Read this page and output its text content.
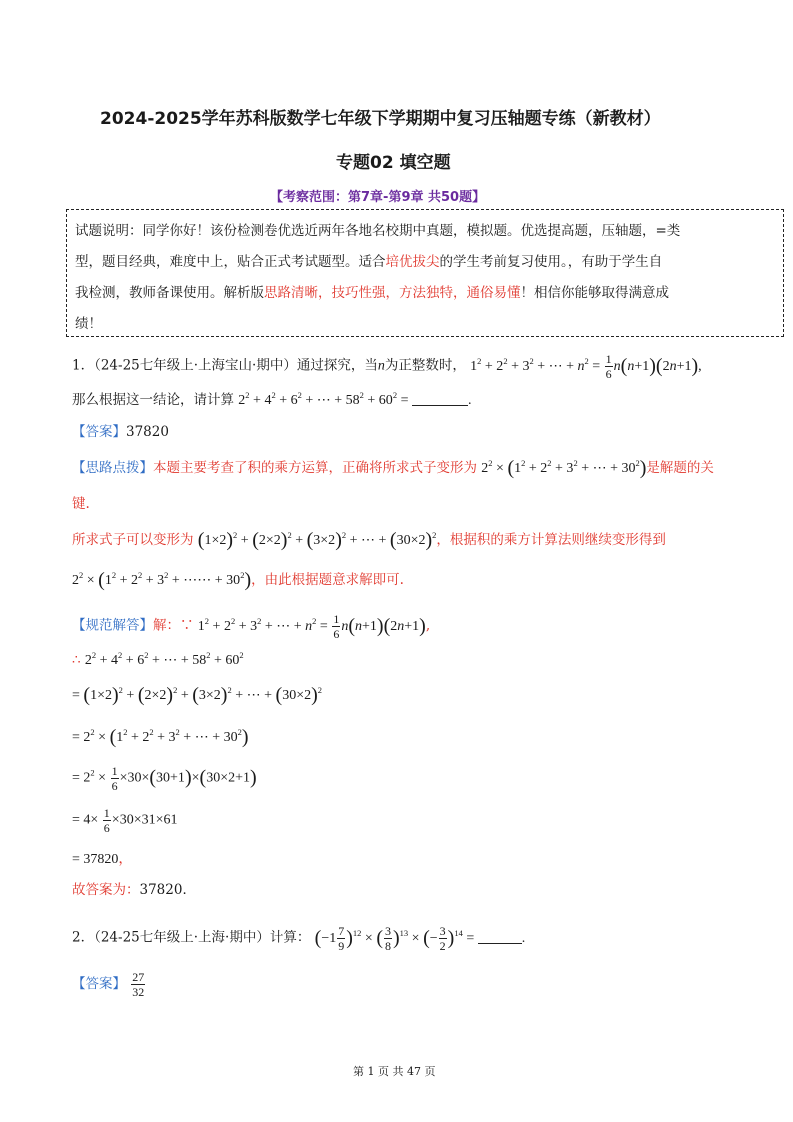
2024-2025学年苏科版数学七年级下学期期中复习压轴题专练（新教材）
专题02 填空题
【考察范围：第7章-第9章 共50题】
试题说明：同学你好！该份检测卷优选近两年各地名校期中真题，模拟题。优选提高题，压轴题，=类
型，题目经典，难度中上，贴合正式考试题型。适合培优拔尖的学生考前复习使用。，有助于学生自
我检测，教师备课使用。解析版思路清晰，技巧性强，方法独特，通俗易懂！相信你能够取得满意成
绩！
1．（24-25七年级上·上海宝山·期中）通过探究，当n为正整数时， $1^2 + 2^2 + 3^2$ + ⋯ + $n^2 = \frac{1}{6} n(n+1)(2n+1)$,
那么根据这一结论，请计算 $2^2 + 4^2 + 6^2$ + ⋯ + $58^2 + 60^2$ =	.
【答案】37820
【思路点拨】本题主要考查了积的乘方运算，正确将所求式子变形为 $2^2 \times (1^2 + 2^2 + 3^2$ + ⋯ + $30^2$)是解题的关
键.
所求式子可以变形为 $(1\times 2)^2 + (2\times 2)^2 + (3\times 2)^2$ + ⋯ + $(30\times 2)^2$，根据积的乘方计算法则继续变形得到
$2^2 \times (1^2 + 2^2 + 3^2$ + ⋯⋯ + $30^2$)，由此根据题意求解即可.
【规范解答】解：∵ $1^2 + 2^2 + 3^2$ + ⋯ + $n^2 = \frac{1}{6} n(n+1)(2n+1)$,
∴ $2^2 + 4^2 + 6^2$ + ⋯ + $58^2 + 60^2$
= $(1\times 2)^2 + (2\times 2)^2 + (3\times 2)^2$ + ⋯ + $(30\times 2)^2$
= $2^2 \times (1^2 + 2^2 + 3^2$ + ⋯ + $30^2$)
= $2^2 \times \frac{1}{6} \times 30\times(30+1)\times(30\times 2+1)$
= $4\times \frac{1}{6} \times 30\times 31\times 61$
= 37820，
故答案为：37820．
2．（24-25七年级上·上海·期中）计算： $(-1 \frac{7}{9} )^{12}$ × ( $\frac{3}{8} )^{13}$ × (− $\frac{3}{2} )^{14}$ =	.
【答案】 $\frac{27}{32}$
第 1 页 共 47 页
